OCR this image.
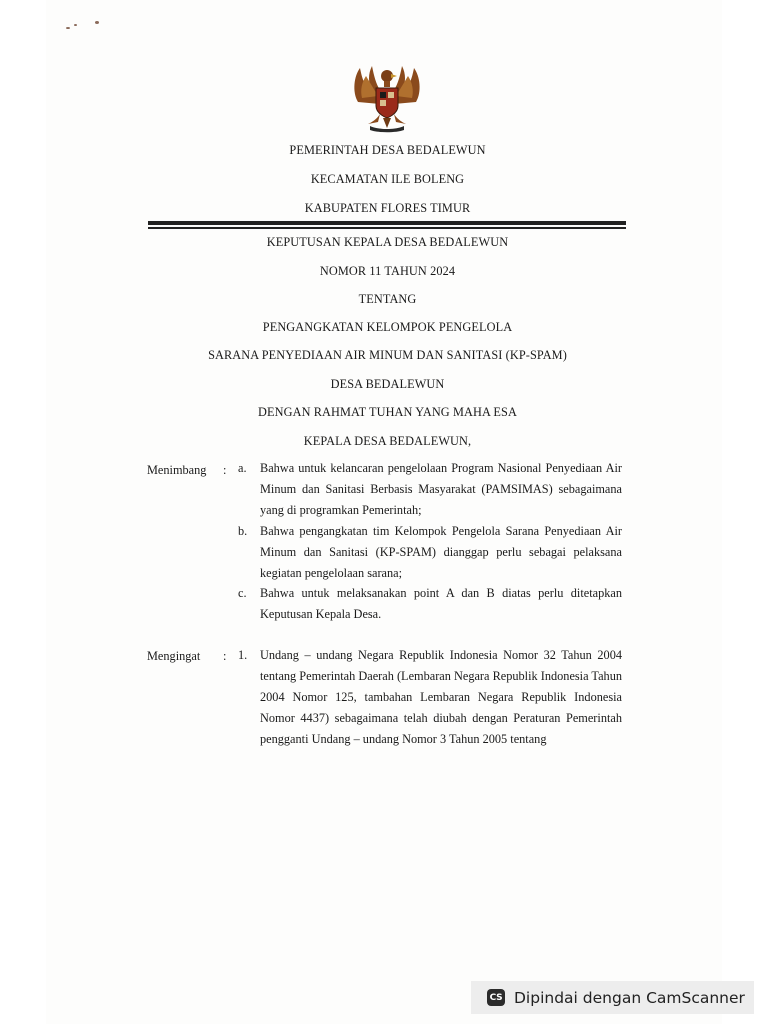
PEMERINTAH DESA BEDALEWUN
KECAMATAN ILE BOLENG
KABUPATEN FLORES TIMUR
KEPUTUSAN KEPALA DESA BEDALEWUN
NOMOR 11 TAHUN 2024
TENTANG
PENGANGKATAN KELOMPOK PENGELOLA
SARANA PENYEDIAAN AIR MINUM DAN SANITASI (KP-SPAM)
DESA BEDALEWUN
DENGAN RAHMAT TUHAN YANG MAHA ESA
KEPALA DESA BEDALEWUN,
Menimbang : a. Bahwa untuk kelancaran pengelolaan Program Nasional Penyediaan Air Minum dan Sanitasi Berbasis Masyarakat (PAMSIMAS) sebagaimana yang di programkan Pemerintah;
b. Bahwa pengangkatan tim Kelompok Pengelola Sarana Penyediaan Air Minum dan Sanitasi (KP-SPAM) dianggap perlu sebagai pelaksana kegiatan pengelolaan sarana;
c. Bahwa untuk melaksanakan point A dan B diatas perlu ditetapkan Keputusan Kepala Desa.
Mengingat : 1. Undang – undang Negara Republik Indonesia Nomor 32 Tahun 2004 tentang Pemerintah Daerah (Lembaran Negara Republik Indonesia Tahun 2004 Nomor 125, tambahan Lembaran Negara Republik Indonesia Nomor 4437) sebagaimana telah diubah dengan Peraturan Pemerintah pengganti Undang – undang Nomor 3 Tahun 2005 tentang
CS Dipindai dengan CamScanner
